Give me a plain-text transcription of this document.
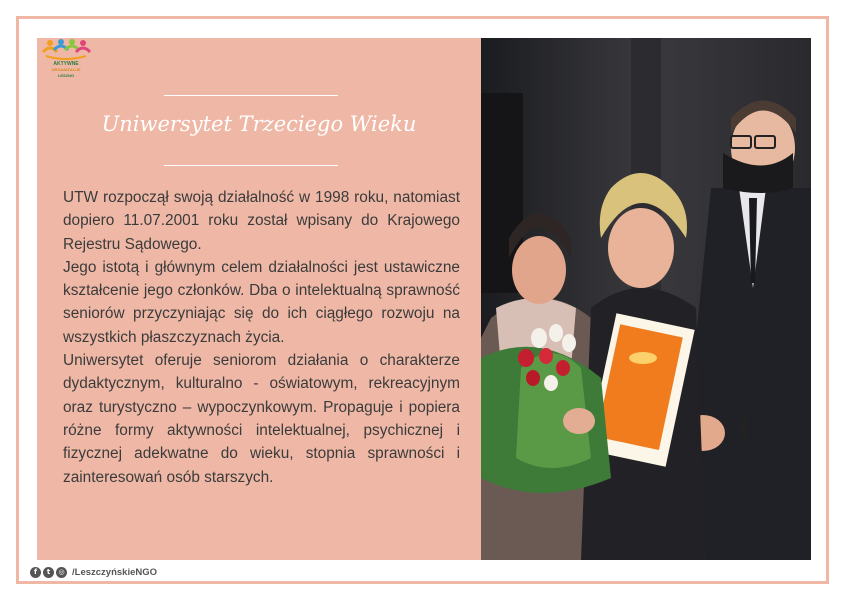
AKTYWNE
ORGANIZACJE
LESZNO
Uniwersytet Trzeciego Wieku

UTW rozpoczął swoją działalność w 1998 roku, natomiast dopiero 11.07.2001 roku został wpisany do Krajowego Rejestru Sądowego.

Jego istotą i głównym celem działalności jest ustawiczne kształcenie jego członków. Dba o intelektualną sprawność seniorów przyczyniając się do ich ciągłego rozwoju na wszystkich płaszczyznach życia.

Uniwersytet oferuje seniorom działania o charakterze dydaktycznym, kulturalno - oświatowym, rekreacyjnym oraz turystyczno – wypoczynkowym. Propaguje i popiera różne formy aktywności intelektualnej, psychicznej i fizycznej adekwatne do wieku, stopnia sprawności i zainteresowań osób starszych.

f	t	◎ /LeszczyńskieNGO
